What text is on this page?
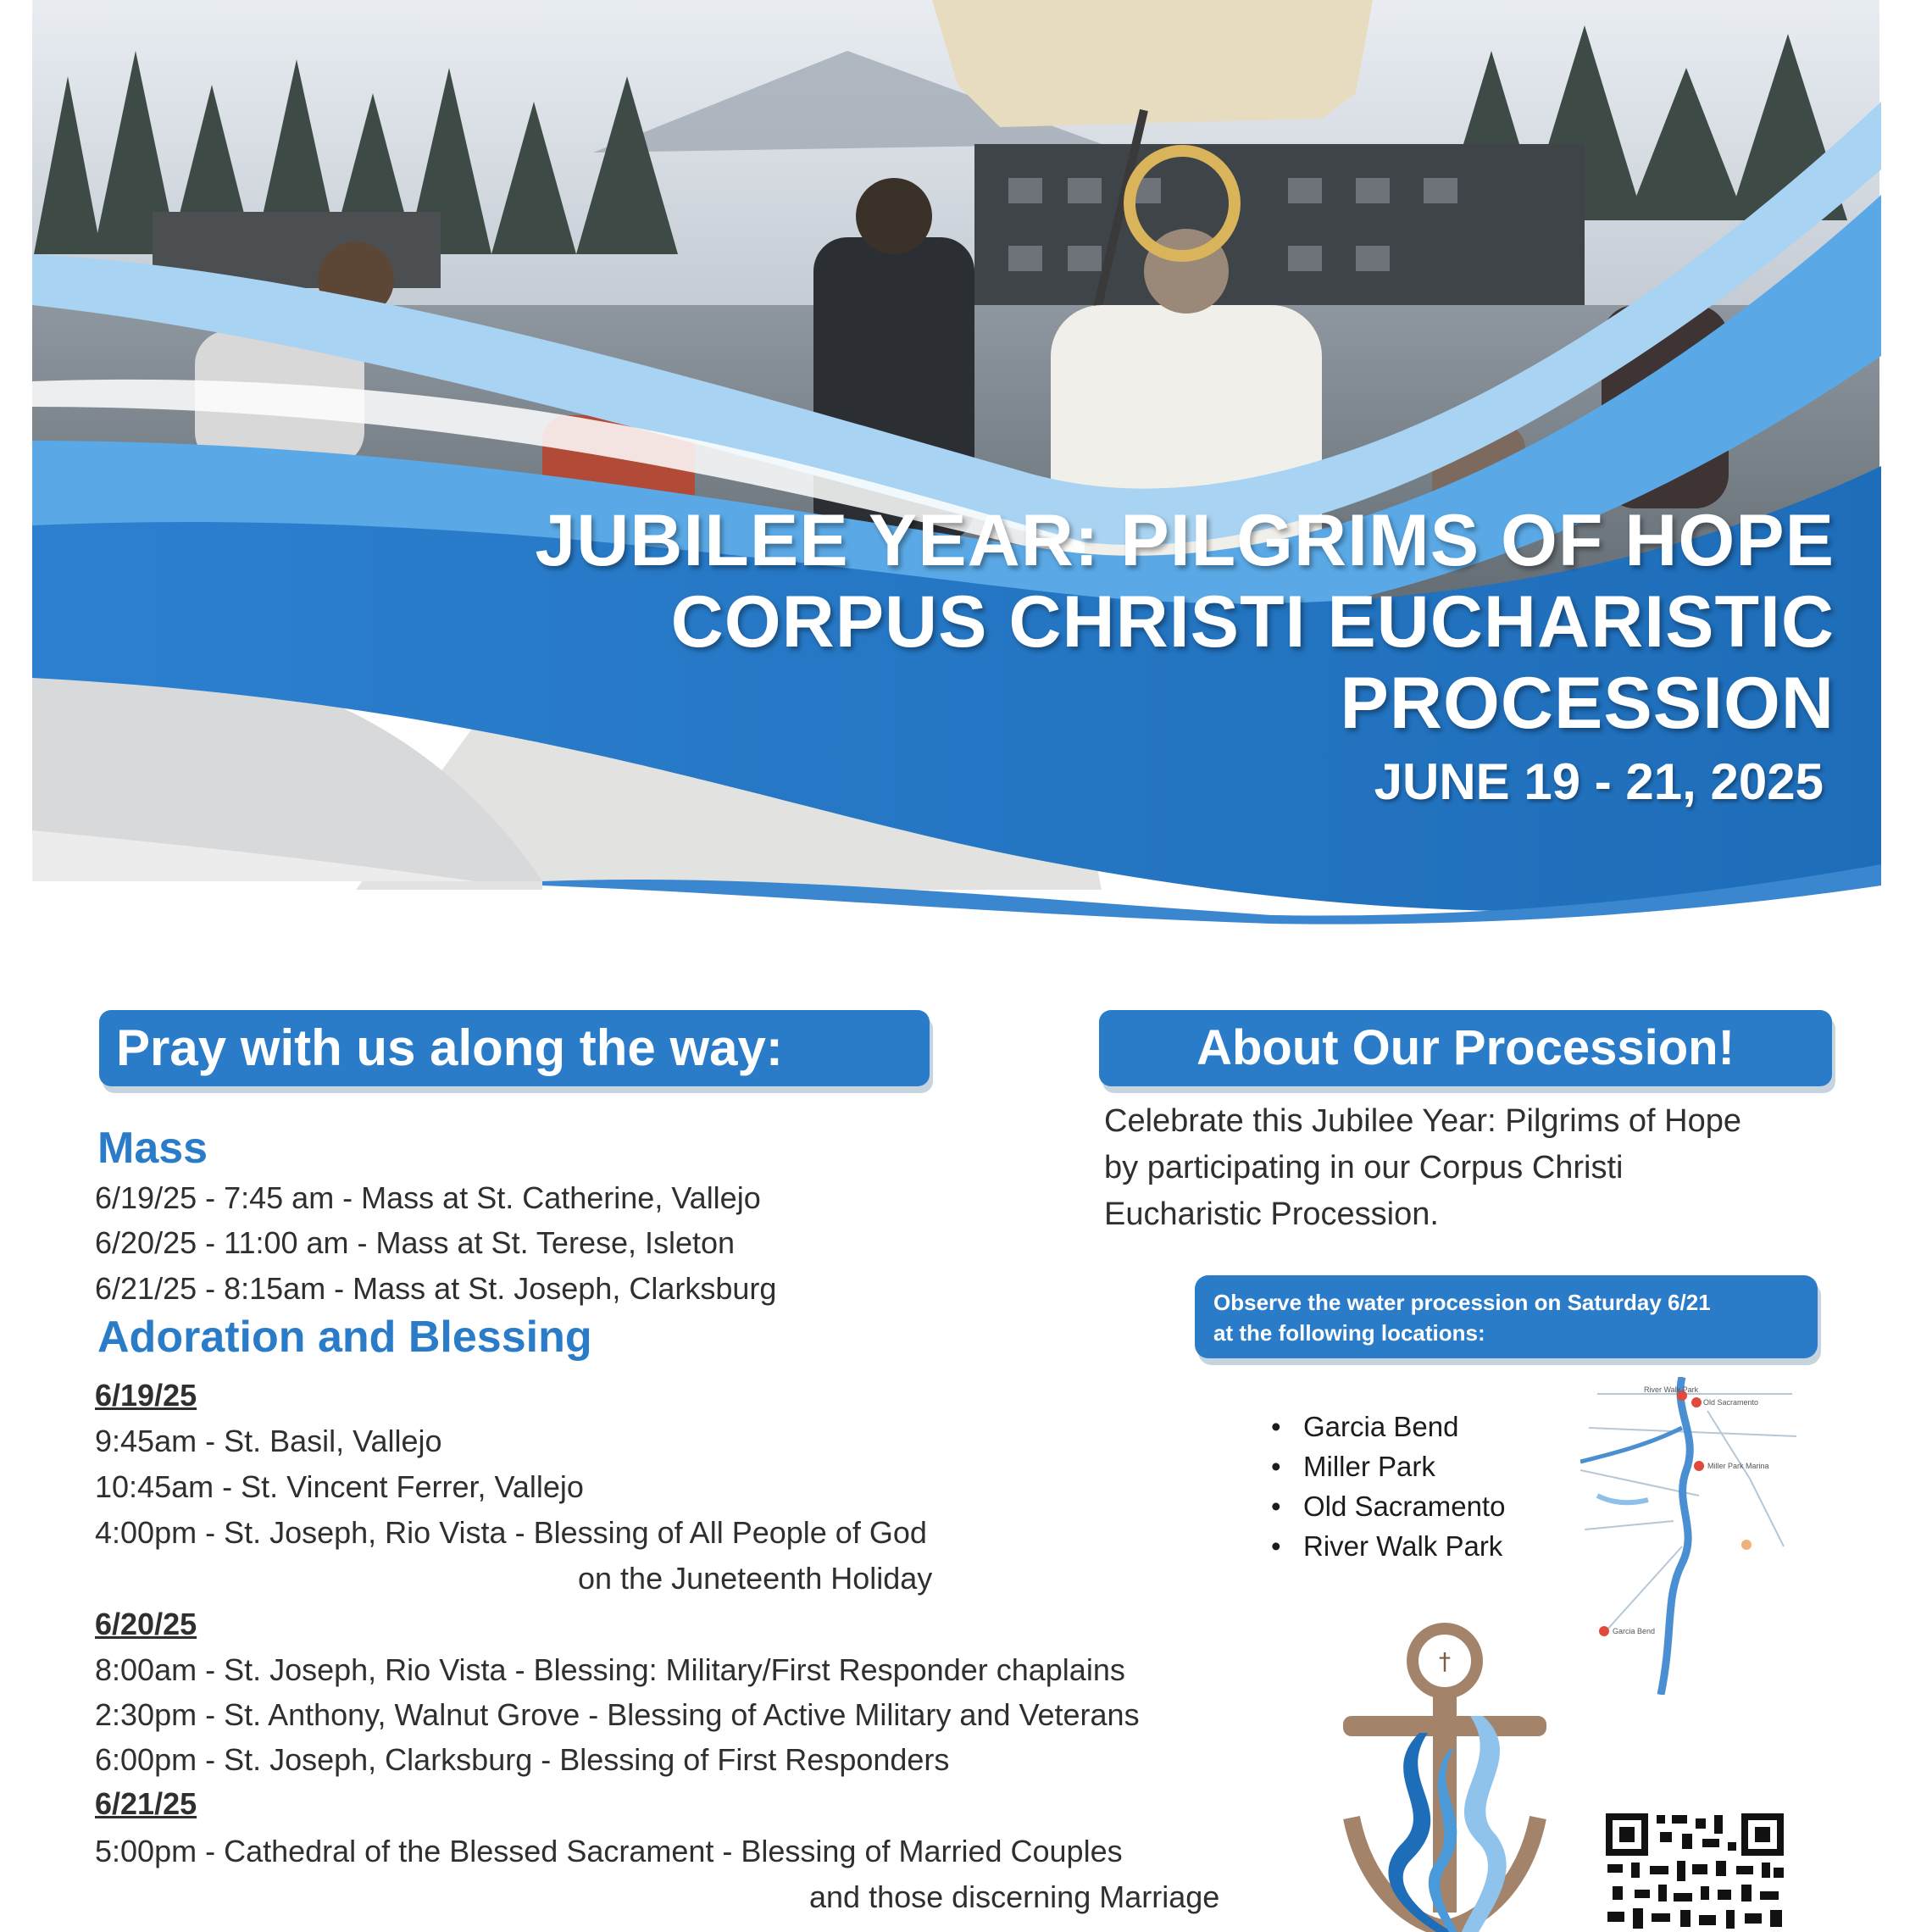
JUBILEE YEAR: PILGRIMS OF HOPE
CORPUS CHRISTI EUCHARISTIC
PROCESSION
JUNE 19 - 21, 2025
Pray with us along the way:
Mass
6/19/25 - 7:45 am - Mass at St. Catherine, Vallejo
6/20/25 - 11:00 am - Mass at St. Terese, Isleton
6/21/25 - 8:15am - Mass at St. Joseph, Clarksburg
Adoration and Blessing
6/19/25
9:45am - St. Basil, Vallejo
10:45am - St. Vincent Ferrer, Vallejo
4:00pm - St. Joseph, Rio Vista - Blessing of All People of God
on the Juneteenth Holiday
6/20/25
8:00am - St. Joseph, Rio Vista - Blessing: Military/First Responder chaplains
2:30pm - St. Anthony, Walnut Grove - Blessing of Active Military and Veterans
6:00pm - St. Joseph, Clarksburg - Blessing of First Responders
6/21/25
5:00pm - Cathedral of the Blessed Sacrament - Blessing of Married Couples
and those discerning Marriage
About Our Procession!
Celebrate this Jubilee Year: Pilgrims of Hope
by participating in our Corpus Christi
Eucharistic Procession.
Observe the water procession on Saturday 6/21
at the following locations:
• Garcia Bend
• Miller Park
• Old Sacramento
• River Walk Park
River Walk Park
Old Sacramento
Miller Park Marina
Garcia Bend
†
